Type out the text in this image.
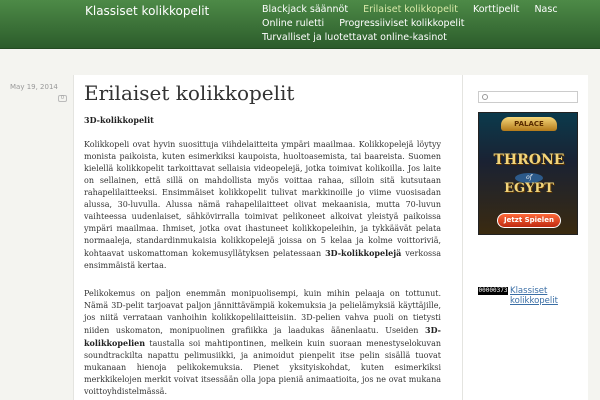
Klassiset kolikkopelit	Blackjack säännöt Erilaiset kolikkopelit Korttipelit Nasc
Online ruletti Progressiiviset kolikkopelit
Turvalliset ja luotettavat online-kasinot
May 19, 2014
0 Erilaiset kolikkopelit
3D-kolikkopelit

Kolikkopeli ovat hyvin suosittuja viihdelaitteita ympäri maailmaa. Kolikkopelejä löytyy monista paikoista, kuten esimerkiksi kaupoista, huoltoasemista, tai baareista. Suomen kielellä kolikkopelit tarkoittavat sellaisia videopelejä, jotka toimivat kolikoilla. Jos laite on sellainen, että sillä on mahdollista myös voittaa rahaa, silloin sitä kutsutaan rahapelilaitteeksi. Ensimmäiset kolikkopelit tulivat markkinoille jo viime vuosisadan alussa, 30-luvulla. Alussa nämä rahapelilaitteet olivat mekaanisia, mutta 70-luvun vaihteessa uudenlaiset, sähkövirralla toimivat pelikoneet alkoivat yleistyä paikoissa ympäri maailmaa. Ihmiset, jotka ovat ihastuneet kolikkopeleihin, ja tykkäävät pelata normaaleja, standardinmukaisia kolikkopelejä joissa on 5 kelaa ja kolme voittoriviä, kohtaavat uskomattoman kokemusyllätyksen pelatessaan 3D-kolikkopelejä verkossa ensimmäistä kertaa.

Pelikokemus on paljon enemmän monipuolisempi, kuin mihin pelaaja on tottunut. Nämä 3D-pelit tarjoavat paljon jännittävämpiä kokemuksia ja pelielämyksiä käyttäjille, jos niitä verrataan vanhoihin kolikkopelilaitteisiin. 3D-pelien vahva puoli on tietysti niiden uskomaton, monipuolinen grafiikka ja laadukas äänenlaatu. Useiden 3D-kolikkopelien taustalla soi mahtipontinen, melkein kuin suoraan menestyselokuvan soundtrackilta napattu pelimusiikki, ja animoidut pienpelit itse pelin sisällä tuovat mukanaan hienoja pelikokemuksia. Pienet yksityiskohdat, kuten esimerkiksi merkkikelojen merkit voivat itsessään olla jopa pieniä animaatioita, jos ne ovat mukana voittoyhdistelmässä.

PALACE
THRONE
of
EGYPT
Jetzt Spielen
00000373 Klassiset kolikkopelit
